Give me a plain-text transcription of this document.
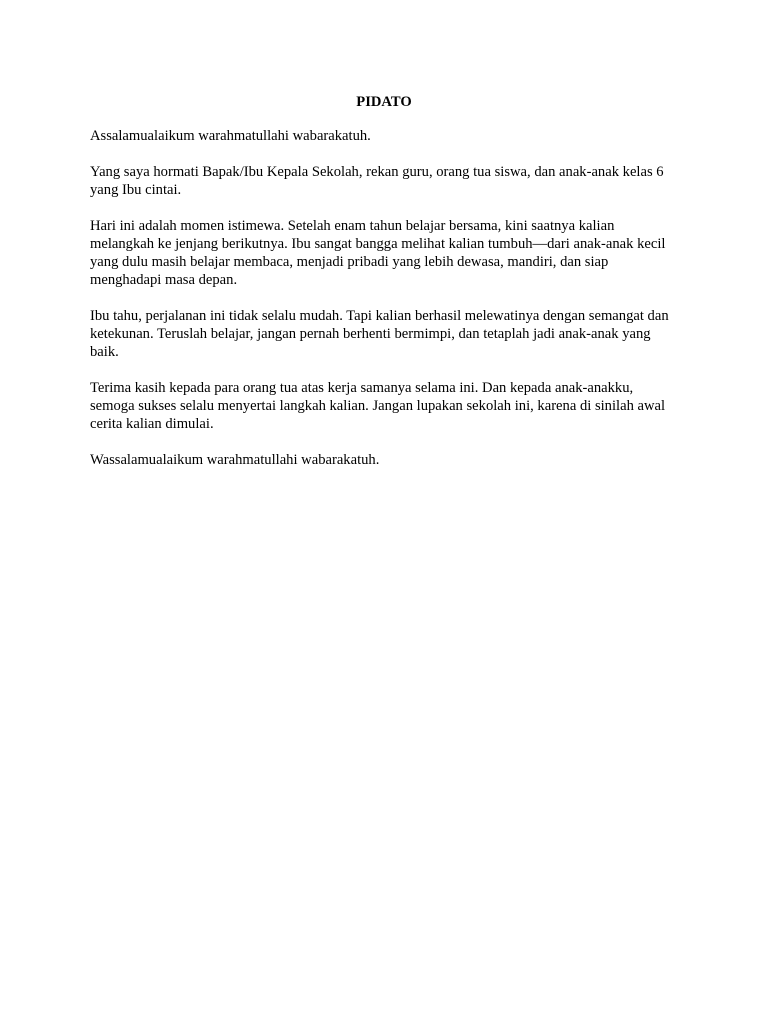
PIDATO

Assalamualaikum warahmatullahi wabarakatuh.

Yang saya hormati Bapak/Ibu Kepala Sekolah, rekan guru, orang tua siswa, dan anak-anak kelas 6 yang Ibu cintai.

Hari ini adalah momen istimewa. Setelah enam tahun belajar bersama, kini saatnya kalian melangkah ke jenjang berikutnya. Ibu sangat bangga melihat kalian tumbuh—dari anak-anak kecil yang dulu masih belajar membaca, menjadi pribadi yang lebih dewasa, mandiri, dan siap menghadapi masa depan.

Ibu tahu, perjalanan ini tidak selalu mudah. Tapi kalian berhasil melewatinya dengan semangat dan ketekunan. Teruslah belajar, jangan pernah berhenti bermimpi, dan tetaplah jadi anak-anak yang baik.

Terima kasih kepada para orang tua atas kerja samanya selama ini. Dan kepada anak-anakku, semoga sukses selalu menyertai langkah kalian. Jangan lupakan sekolah ini, karena di sinilah awal cerita kalian dimulai.

Wassalamualaikum warahmatullahi wabarakatuh.
